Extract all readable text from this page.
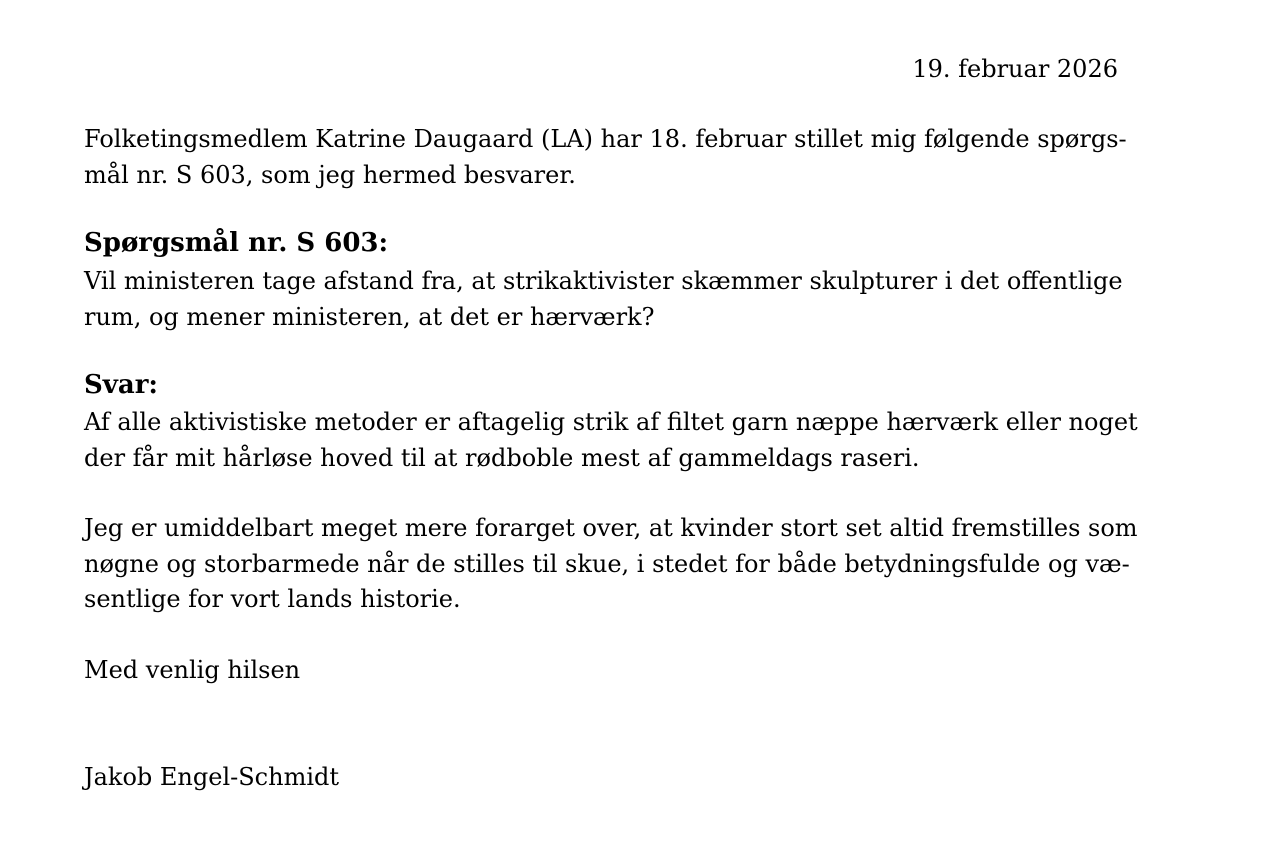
19. februar 2026

Folketingsmedlem Katrine Daugaard (LA) har 18. februar stillet mig følgende spørgs-
mål nr. S 603, som jeg hermed besvarer.

Spørgsmål nr. S 603:

Vil ministeren tage afstand fra, at strikaktivister skæmmer skulpturer i det offentlige
rum, og mener ministeren, at det er hærværk?

Svar:

Af alle aktivistiske metoder er aftagelig strik af filtet garn næppe hærværk eller noget
der får mit hårløse hoved til at rødboble mest af gammeldags raseri.

Jeg er umiddelbart meget mere forarget over, at kvinder stort set altid fremstilles som
nøgne og storbarmede når de stilles til skue, i stedet for både betydningsfulde og væ-
sentlige for vort lands historie.

Med venlig hilsen

Jakob Engel-Schmidt
